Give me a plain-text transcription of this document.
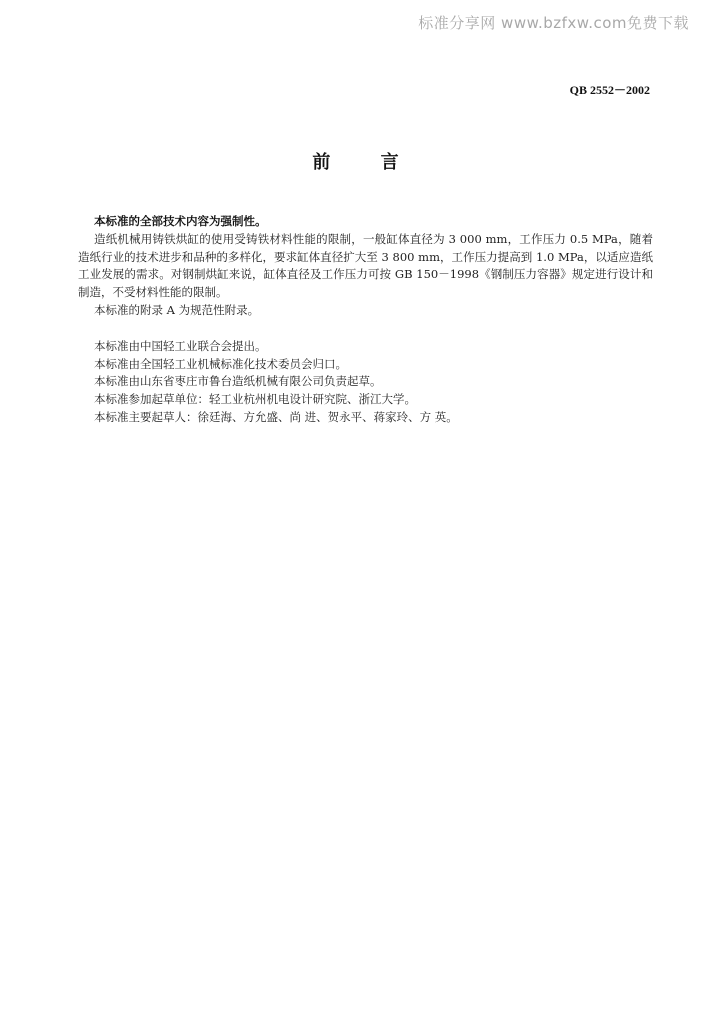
标准分享网 www.bzfxw.com免费下载
QB 2552－2002
前 言

本标准的全部技术内容为强制性。

造纸机械用铸铁烘缸的使用受铸铁材料性能的限制，一般缸体直径为 3 000 mm，工作压力 0.5 MPa，随着造纸行业的技术进步和品种的多样化，要求缸体直径扩大至 3 800 mm，工作压力提高到 1.0 MPa，以适应造纸工业发展的需求。对钢制烘缸来说，缸体直径及工作压力可按 GB 150－1998《钢制压力容器》规定进行设计和制造，不受材料性能的限制。

本标准的附录 A 为规范性附录。

本标准由中国轻工业联合会提出。

本标准由全国轻工业机械标准化技术委员会归口。

本标准由山东省枣庄市鲁台造纸机械有限公司负责起草。

本标准参加起草单位：轻工业杭州机电设计研究院、浙江大学。

本标准主要起草人：徐廷海、方允盛、尚 进、贺永平、蒋家玲、方 英。
